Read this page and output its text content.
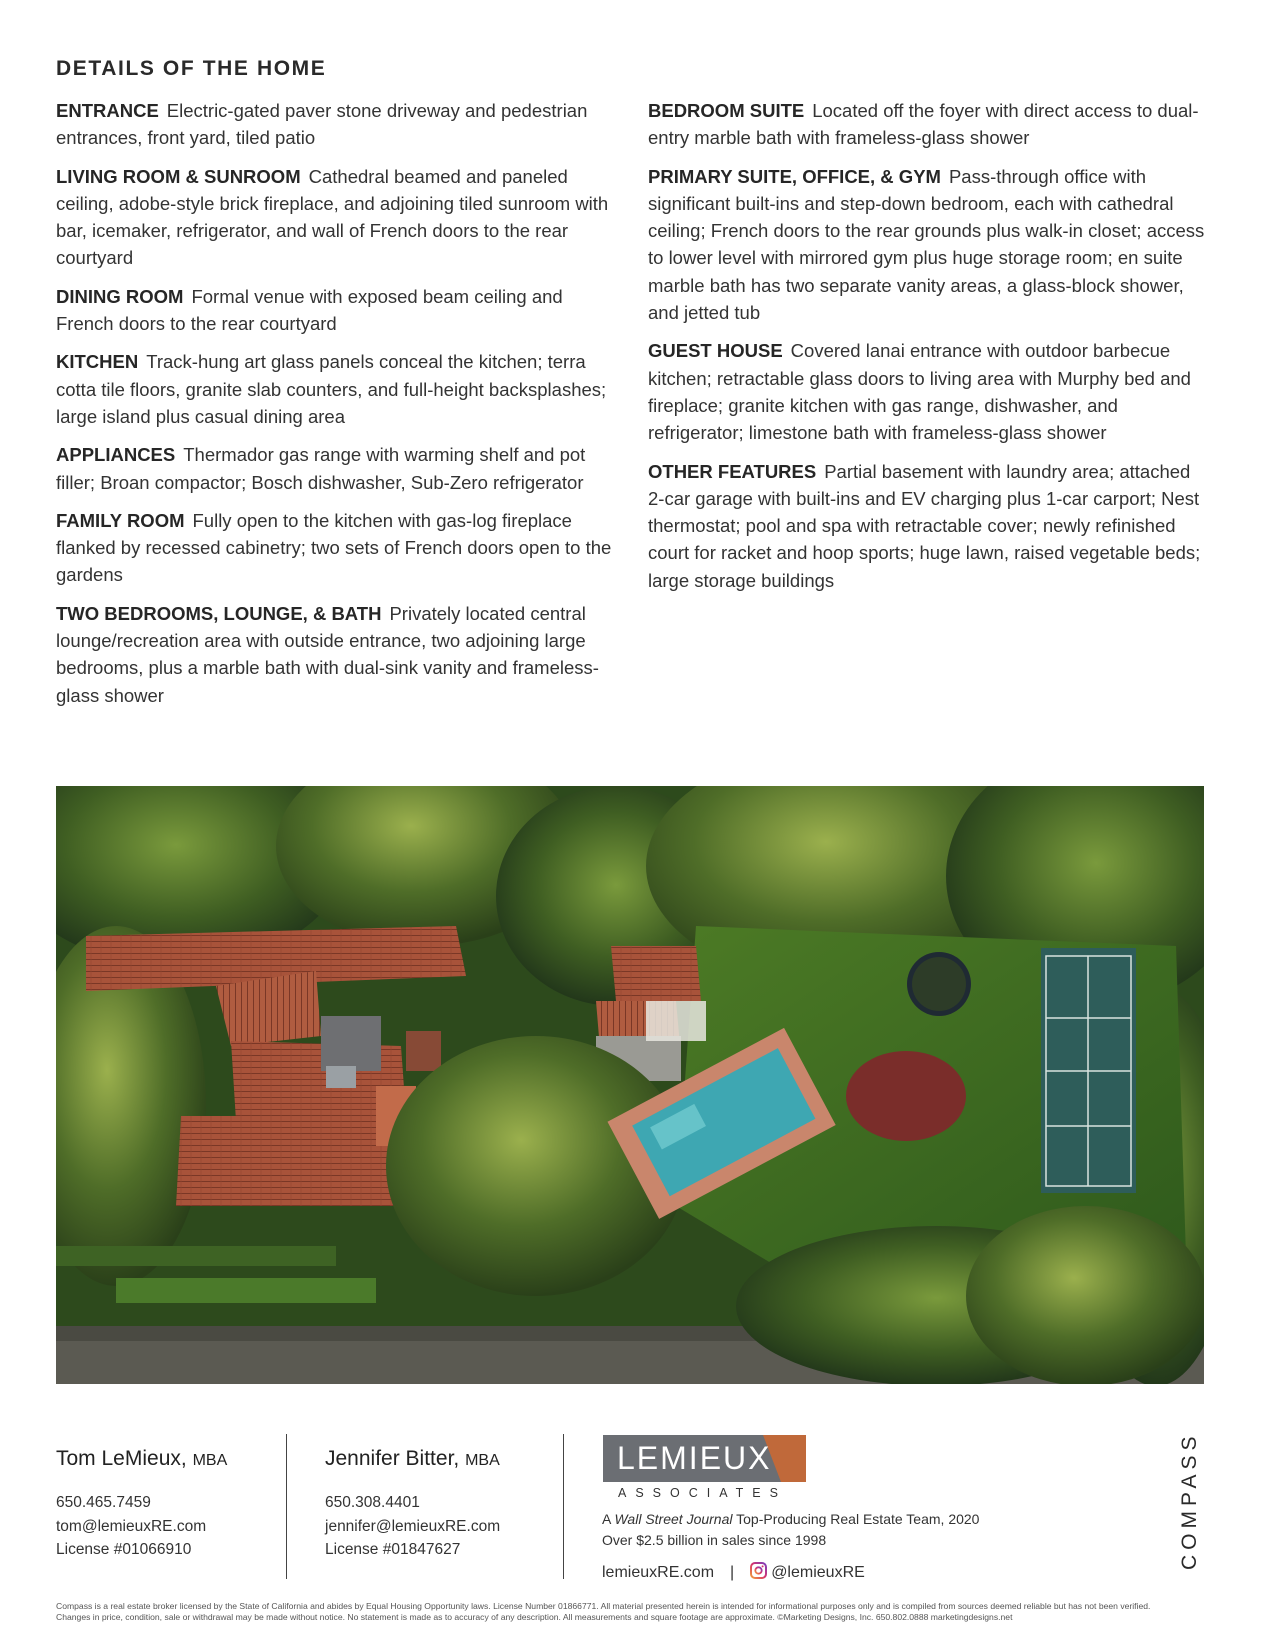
DETAILS OF THE HOME

ENTRANCE Electric-gated paver stone driveway and pedestrian entrances, front yard, tiled patio

LIVING ROOM & SUNROOM Cathedral beamed and paneled ceiling, adobe-style brick fireplace, and adjoining tiled sunroom with bar, icemaker, refrigerator, and wall of French doors to the rear courtyard

DINING ROOM Formal venue with exposed beam ceiling and French doors to the rear courtyard

KITCHEN Track-hung art glass panels conceal the kitchen; terra cotta tile floors, granite slab counters, and full-height backsplashes; large island plus casual dining area

APPLIANCES Thermador gas range with warming shelf and pot filler; Broan compactor; Bosch dishwasher, Sub-Zero refrigerator

FAMILY ROOM Fully open to the kitchen with gas-log fireplace flanked by recessed cabinetry; two sets of French doors open to the gardens

TWO BEDROOMS, LOUNGE, & BATH Privately located central lounge/recreation area with outside entrance, two adjoining large bedrooms, plus a marble bath with dual-sink vanity and frameless-glass shower

BEDROOM SUITE Located off the foyer with direct access to dual-entry marble bath with frameless-glass shower

PRIMARY SUITE, OFFICE, & GYM Pass-through office with significant built-ins and step-down bedroom, each with cathedral ceiling; French doors to the rear grounds plus walk-in closet; access to lower level with mirrored gym plus huge storage room; en suite marble bath has two separate vanity areas, a glass-block shower, and jetted tub

GUEST HOUSE Covered lanai entrance with outdoor barbecue kitchen; retractable glass doors to living area with Murphy bed and fireplace; granite kitchen with gas range, dishwasher, and refrigerator; limestone bath with frameless-glass shower

OTHER FEATURES Partial basement with laundry area; attached 2-car garage with built-ins and EV charging plus 1-car carport; Nest thermostat; pool and spa with retractable cover; newly refinished court for racket and hoop sports; huge lawn, raised vegetable beds; large storage buildings

Tom LeMieux, MBA
650.465.7459
tom@lemieuxRE.com
License #01066910
Jennifer Bitter, MBA
650.308.4401
jennifer@lemieuxRE.com
License #01847627
LEMIEUX
ASSOCIATES
A Wall Street Journal Top-Producing Real Estate Team, 2020
Over $2.5 billion in sales since 1998
lemieuxRE.com | @lemieuxRE
COMPASS

Compass is a real estate broker licensed by the State of California and abides by Equal Housing Opportunity laws. License Number 01866771. All material presented herein is intended for informational purposes only and is compiled from sources deemed reliable but has not been verified. Changes in price, condition, sale or withdrawal may be made without notice. No statement is made as to accuracy of any description. All measurements and square footage are approximate. ©Marketing Designs, Inc. 650.802.0888 marketingdesigns.net
